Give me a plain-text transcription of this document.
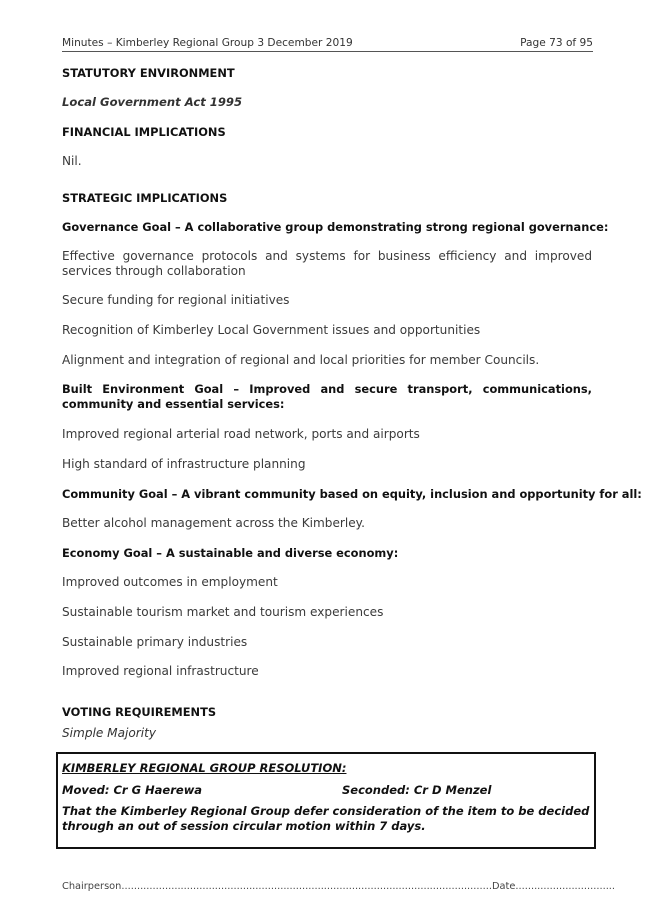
Minutes – Kimberley Regional Group 3 December 2019	Page 73 of 95
STATUTORY ENVIRONMENT
Local Government Act 1995
FINANCIAL IMPLICATIONS
Nil.
STRATEGIC IMPLICATIONS
Governance Goal – A collaborative group demonstrating strong regional governance:
Effective governance protocols and systems for business efficiency and improved services through collaboration
Secure funding for regional initiatives
Recognition of Kimberley Local Government issues and opportunities
Alignment and integration of regional and local priorities for member Councils.
Built Environment Goal – Improved and secure transport, communications, community and essential services:
Improved regional arterial road network, ports and airports
High standard of infrastructure planning
Community Goal – A vibrant community based on equity, inclusion and opportunity for all:
Better alcohol management across the Kimberley.
Economy Goal – A sustainable and diverse economy:
Improved outcomes in employment
Sustainable tourism market and tourism experiences
Sustainable primary industries
Improved regional infrastructure
VOTING REQUIREMENTS
Simple Majority
KIMBERLEY REGIONAL GROUP RESOLUTION:
Moved: Cr G Haerewa	Seconded: Cr D Menzel
That the Kimberley Regional Group defer consideration of the item to be decided through an out of session circular motion within 7 days.
Chairperson.......................................................................................................................Date................................
